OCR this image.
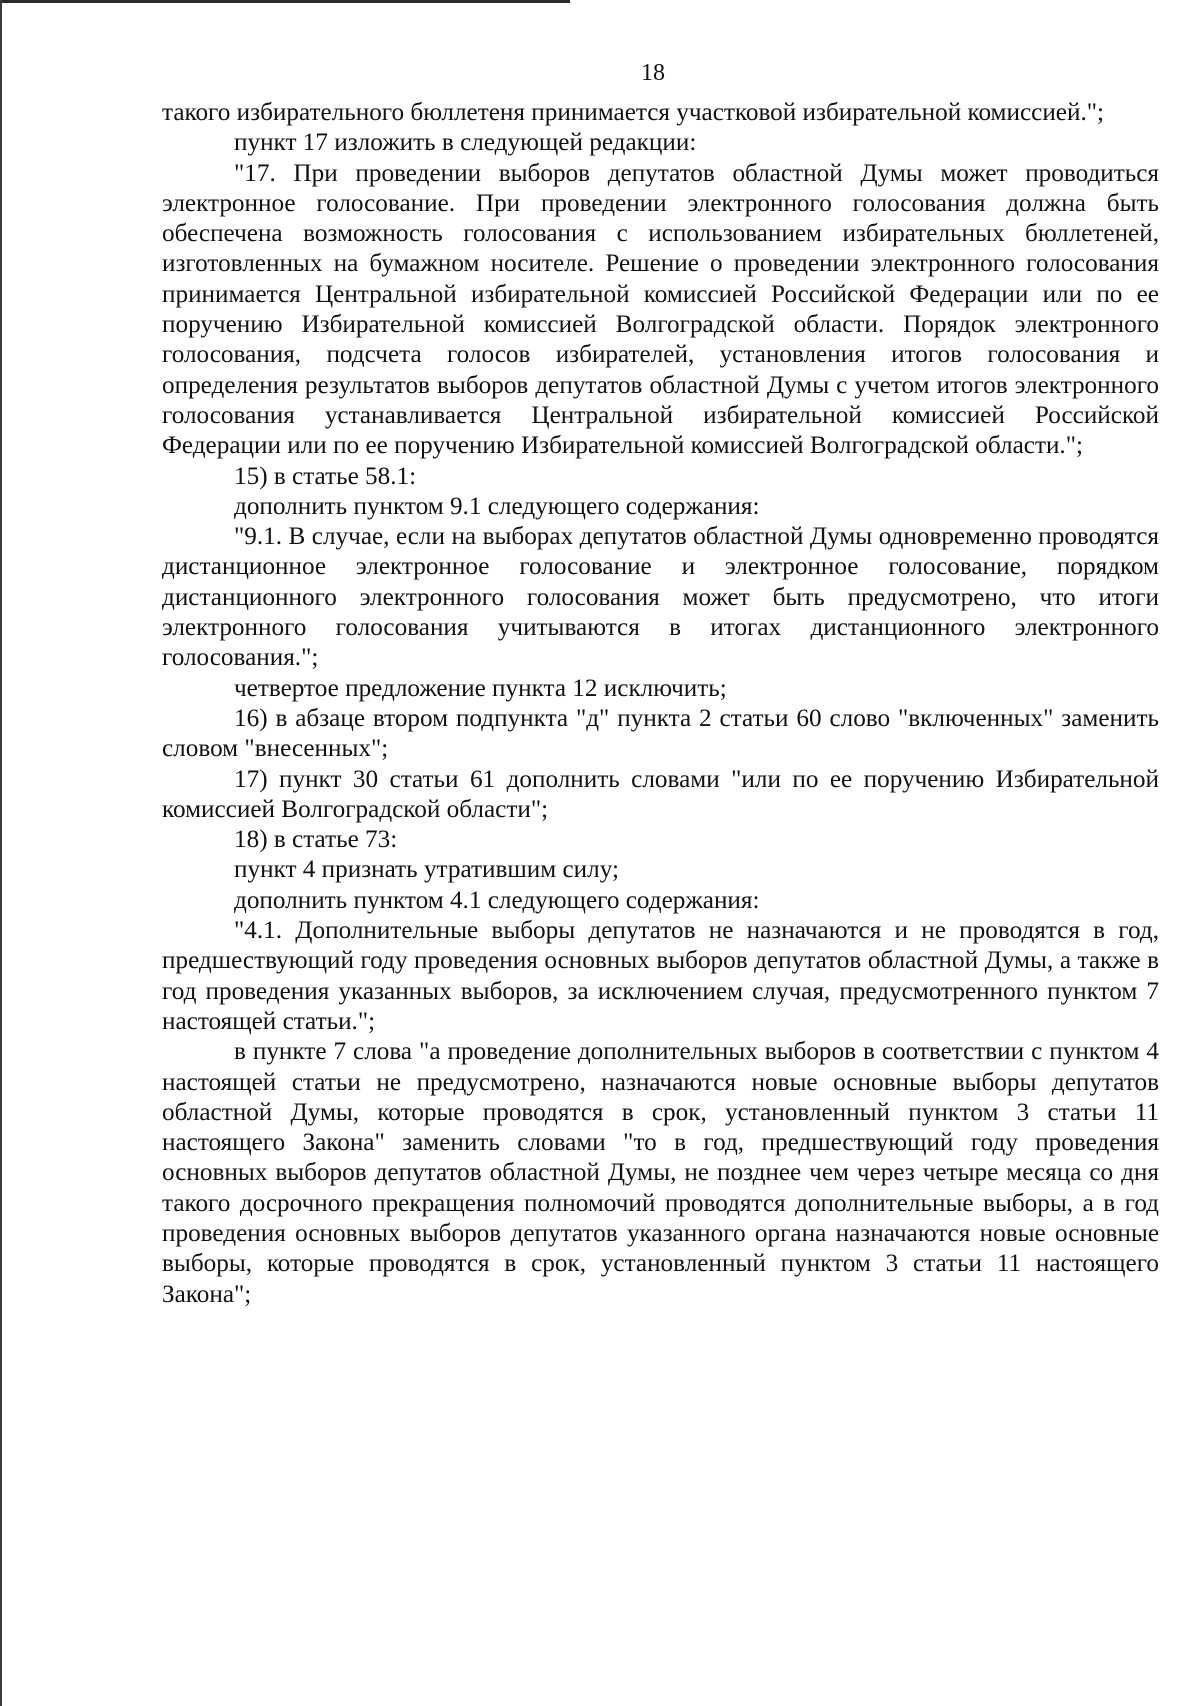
18

такого избирательного бюллетеня принимается участковой избирательной комиссией.";

пункт 17 изложить в следующей редакции:

"17. При проведении выборов депутатов областной Думы может проводиться электронное голосование. При проведении электронного голосования должна быть обеспечена возможность голосования с использованием избирательных бюллетеней, изготовленных на бумажном носителе. Решение о проведении электронного голосования принимается Центральной избирательной комиссией Российской Федерации или по ее поручению Избирательной комиссией Волгоградской области. Порядок электронного голосования, подсчета голосов избирателей, установления итогов голосования и определения результатов выборов депутатов областной Думы с учетом итогов электронного голосования устанавливается Центральной избирательной комиссией Российской Федерации или по ее поручению Избирательной комиссией Волгоградской области.";

15) в статье 58.1:

дополнить пунктом 9.1 следующего содержания:

"9.1. В случае, если на выборах депутатов областной Думы одновременно проводятся дистанционное электронное голосование и электронное голосование, порядком дистанционного электронного голосования может быть предусмотрено, что итоги электронного голосования учитываются в итогах дистанционного электронного голосования.";

четвертое предложение пункта 12 исключить;

16) в абзаце втором подпункта "д" пункта 2 статьи 60 слово "включенных" заменить словом "внесенных";

17) пункт 30 статьи 61 дополнить словами "или по ее поручению Избирательной комиссией Волгоградской области";

18) в статье 73:

пункт 4 признать утратившим силу;

дополнить пунктом 4.1 следующего содержания:

"4.1. Дополнительные выборы депутатов не назначаются и не проводятся в год, предшествующий году проведения основных выборов депутатов областной Думы, а также в год проведения указанных выборов, за исключением случая, предусмотренного пунктом 7 настоящей статьи.";

в пункте 7 слова "а проведение дополнительных выборов в соответствии с пунктом 4 настоящей статьи не предусмотрено, назначаются новые основные выборы депутатов областной Думы, которые проводятся в срок, установленный пунктом 3 статьи 11 настоящего Закона" заменить словами "то в год, предшествующий году проведения основных выборов депутатов областной Думы, не позднее чем через четыре месяца со дня такого досрочного прекращения полномочий проводятся дополнительные выборы, а в год проведения основных выборов депутатов указанного органа назначаются новые основные выборы, которые проводятся в срок, установленный пунктом 3 статьи 11 настоящего Закона";
